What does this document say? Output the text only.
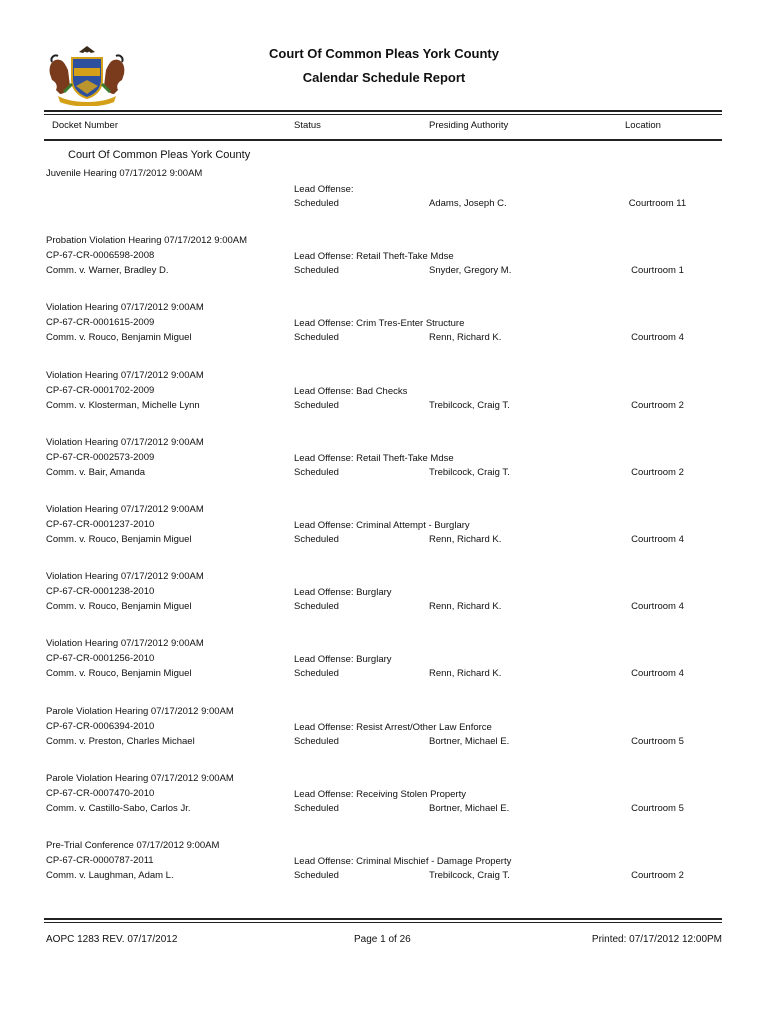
Court Of Common Pleas York County
Calendar Schedule Report
Docket Number	Status	Presiding Authority	Location
Court Of Common Pleas York County
Juvenile Hearing 07/17/2012 9:00AM
Lead Offense:
Scheduled	Adams, Joseph C.	Courtroom 11
Probation Violation Hearing 07/17/2012 9:00AM
CP-67-CR-0006598-2008
Comm. v. Warner, Bradley D.
Lead Offense: Retail Theft-Take Mdse
Scheduled	Snyder, Gregory M.	Courtroom 1
Violation Hearing 07/17/2012 9:00AM
CP-67-CR-0001615-2009
Comm. v. Rouco, Benjamin Miguel
Lead Offense: Crim Tres-Enter Structure
Scheduled	Renn, Richard K.	Courtroom 4
Violation Hearing 07/17/2012 9:00AM
CP-67-CR-0001702-2009
Comm. v. Klosterman, Michelle Lynn
Lead Offense: Bad Checks
Scheduled	Trebilcock, Craig T.	Courtroom 2
Violation Hearing 07/17/2012 9:00AM
CP-67-CR-0002573-2009
Comm. v. Bair, Amanda
Lead Offense: Retail Theft-Take Mdse
Scheduled	Trebilcock, Craig T.	Courtroom 2
Violation Hearing 07/17/2012 9:00AM
CP-67-CR-0001237-2010
Comm. v. Rouco, Benjamin Miguel
Lead Offense: Criminal Attempt - Burglary
Scheduled	Renn, Richard K.	Courtroom 4
Violation Hearing 07/17/2012 9:00AM
CP-67-CR-0001238-2010
Comm. v. Rouco, Benjamin Miguel
Lead Offense: Burglary
Scheduled	Renn, Richard K.	Courtroom 4
Violation Hearing 07/17/2012 9:00AM
CP-67-CR-0001256-2010
Comm. v. Rouco, Benjamin Miguel
Lead Offense: Burglary
Scheduled	Renn, Richard K.	Courtroom 4
Parole Violation Hearing 07/17/2012 9:00AM
CP-67-CR-0006394-2010
Comm. v. Preston, Charles Michael
Lead Offense: Resist Arrest/Other Law Enforce
Scheduled	Bortner, Michael E.	Courtroom 5
Parole Violation Hearing 07/17/2012 9:00AM
CP-67-CR-0007470-2010
Comm. v. Castillo-Sabo, Carlos Jr.
Lead Offense: Receiving Stolen Property
Scheduled	Bortner, Michael E.	Courtroom 5
Pre-Trial Conference 07/17/2012 9:00AM
CP-67-CR-0000787-2011
Comm. v. Laughman, Adam L.
Lead Offense: Criminal Mischief - Damage Property
Scheduled	Trebilcock, Craig T.	Courtroom 2
AOPC 1283 REV. 07/17/2012	Page 1 of 26	Printed: 07/17/2012 12:00PM
